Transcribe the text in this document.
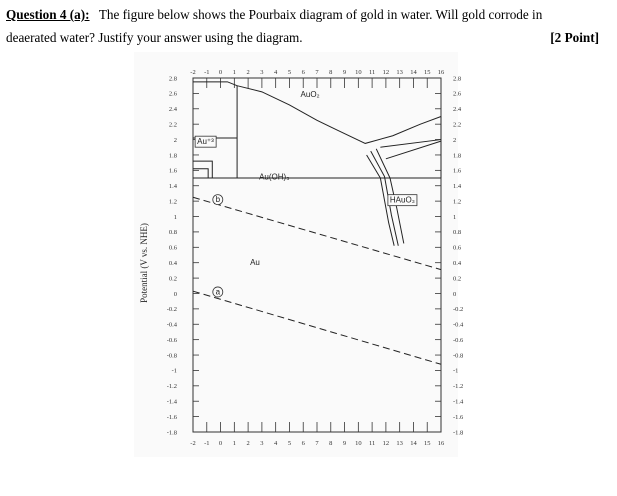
Question 4 (a): The figure below shows the Pourbaix diagram of gold in water. Will gold corrode in
deaerated water? Justify your answer using the diagram.	[2 Point]
2.8	2.8
2.6	2.6
2.4	2.4
2.2	2.2
2	2
1.8	1.8
1.6	1.6
1.4	1.4
1.2	1.2
1	1
0.8	0.8
0.6	0.6
0.4	0.4
0.2	0.2
0	0
-0.2	-0.2
-0.4	-0.4
-0.6	-0.6
-0.8	-0.8
-1	-1
-1.2	-1.2
-1.4	-1.4
-1.6	-1.6
-1.8	-1.8
-2
-2
-1
-1
0
0
1
1
2
2
3
3
4
4
5
5
6
6
7
7
8
8
9
9
10
10
11
11
12
12
13
13
14
14
15
15
16
16
Potential (V vs. NHE)
b
a
AuO₂
Au⁺³
Au(OH)₃
HAuO₃
Au
